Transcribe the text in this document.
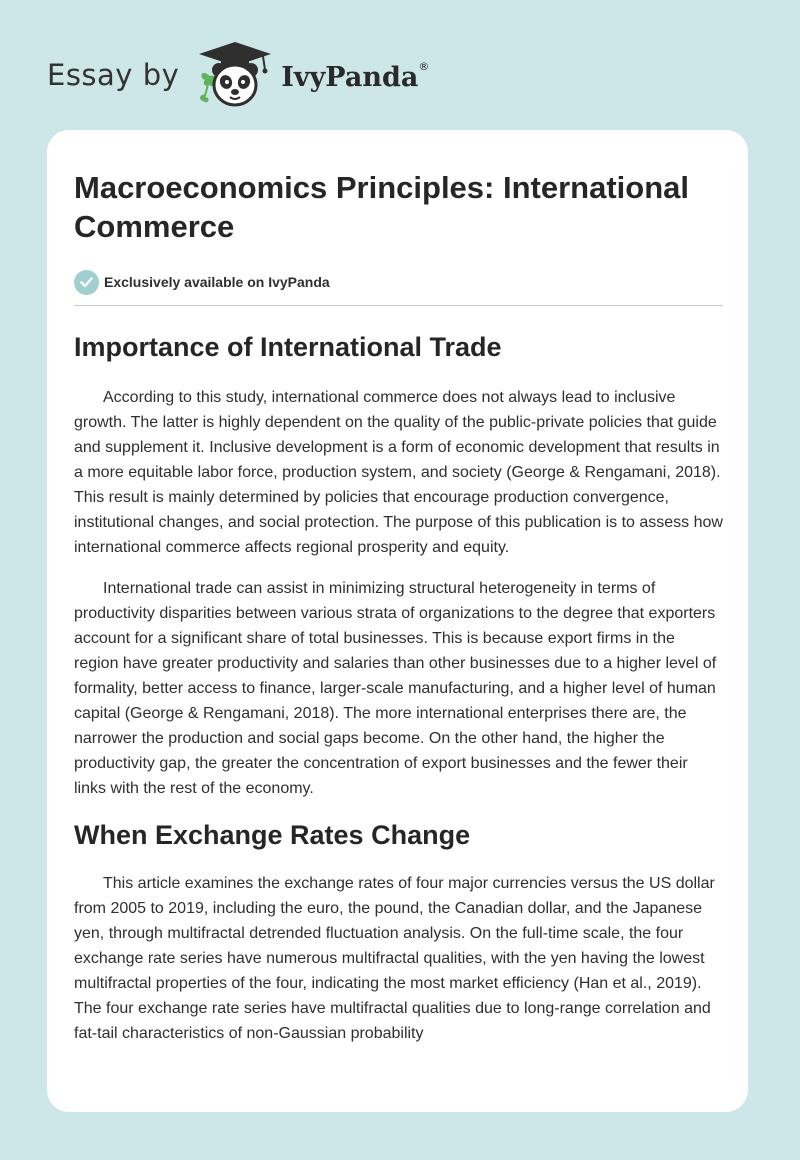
Essay by	IvyPanda®
Macroeconomics Principles: International Commerce
Exclusively available on IvyPanda
Importance of International Trade

According to this study, international commerce does not always lead to inclusive growth. The latter is highly dependent on the quality of the public-private policies that guide and supplement it. Inclusive development is a form of economic development that results in a more equitable labor force, production system, and society (George & Rengamani, 2018). This result is mainly determined by policies that encourage production convergence, institutional changes, and social protection. The purpose of this publication is to assess how international commerce affects regional prosperity and equity.

International trade can assist in minimizing structural heterogeneity in terms of productivity disparities between various strata of organizations to the degree that exporters account for a significant share of total businesses. This is because export firms in the region have greater productivity and salaries than other businesses due to a higher level of formality, better access to finance, larger-scale manufacturing, and a higher level of human capital (George & Rengamani, 2018). The more international enterprises there are, the narrower the production and social gaps become. On the other hand, the higher the productivity gap, the greater the concentration of export businesses and the fewer their links with the rest of the economy.

When Exchange Rates Change

This article examines the exchange rates of four major currencies versus the US dollar from 2005 to 2019, including the euro, the pound, the Canadian dollar, and the Japanese yen, through multifractal detrended fluctuation analysis. On the full-time scale, the four exchange rate series have numerous multifractal qualities, with the yen having the lowest multifractal properties of the four, indicating the most market efficiency (Han et al., 2019). The four exchange rate series have multifractal qualities due to long-range correlation and fat-tail characteristics of non-Gaussian probability
